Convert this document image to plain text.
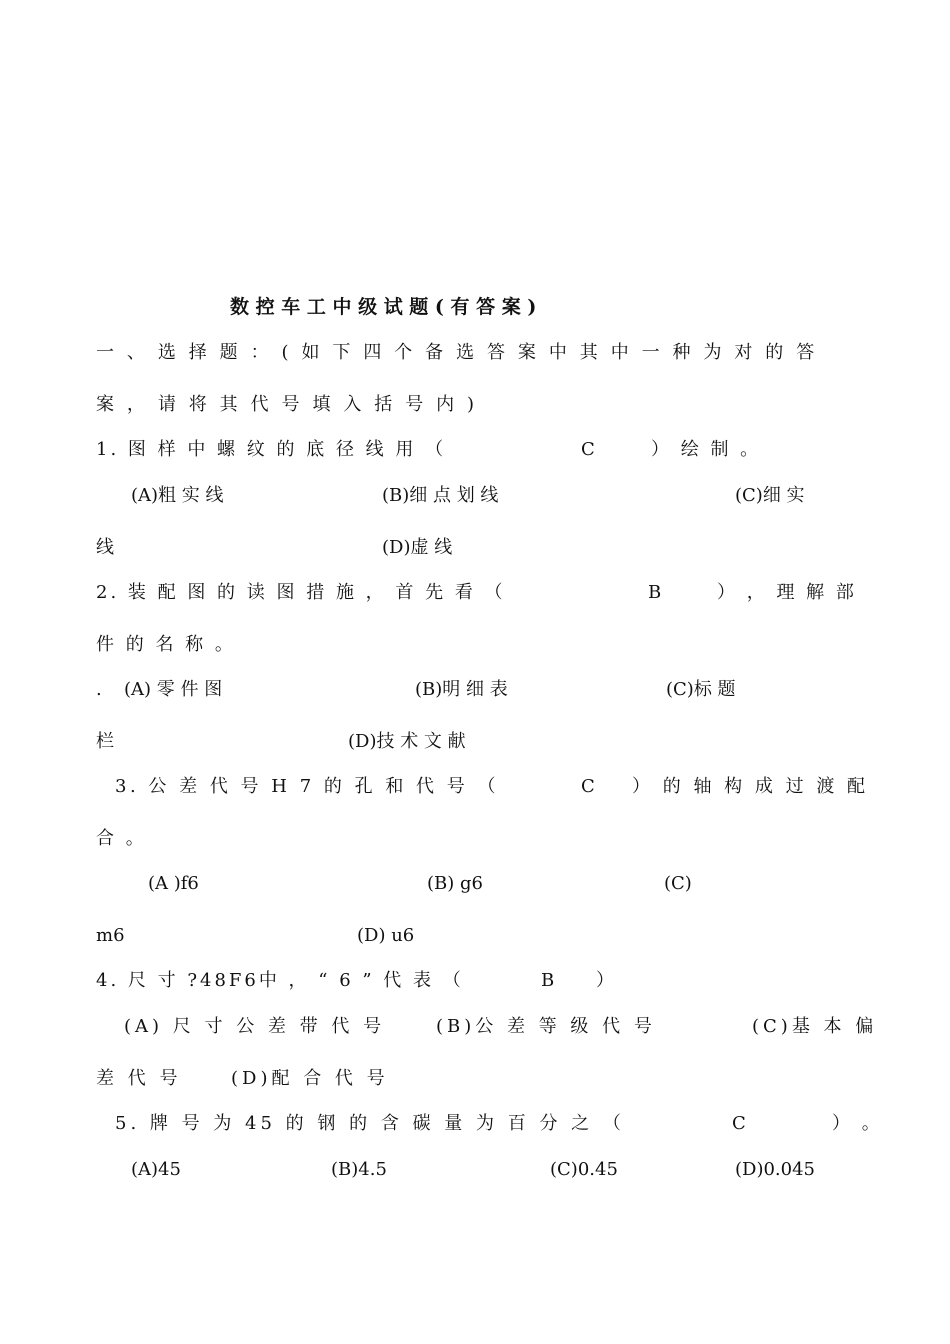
数 控 车 工 中 级 试 题 ( 有 答 案 )
一 、 选 择 题 ： ( 如 下 四 个 备 选 答 案 中 其 中 一 种 为 对 的 答
案 ， 请 将 其 代 号 填 入 括 号 内 )
1. 图 样 中 螺 纹 的 底 径 线 用 （	C	） 绘 制 。
(A)粗 实 线	(B)细 点 划 线	(C)细 实
线	(D)虚 线
2. 装 配 图 的 读 图 措 施 ， 首 先 看 （	B	） ， 理 解 部
件 的 名 称 。
. (A) 零 件 图	(B)明 细 表	(C)标 题
栏	(D)技 术 文 献
3. 公 差 代 号 H 7 的 孔 和 代 号 （	C ） 的 轴 构 成 过 渡 配
合 。
(A )f6	(B) g6	(C)
m6	(D) u6
4. 尺 寸 ?48F6中 ， “ 6 ” 代 表 （	B ）
(A) 尺 寸 公 差 带 代 号	(B)公 差 等 级 代 号	(C)基 本 偏
差 代 号	(D)配 合 代 号
5. 牌 号 为 45 的 钢 的 含 碳 量 为 百 分 之 （	C	） 。
(A)45	(B)4.5	(C)0.45	(D)0.045
